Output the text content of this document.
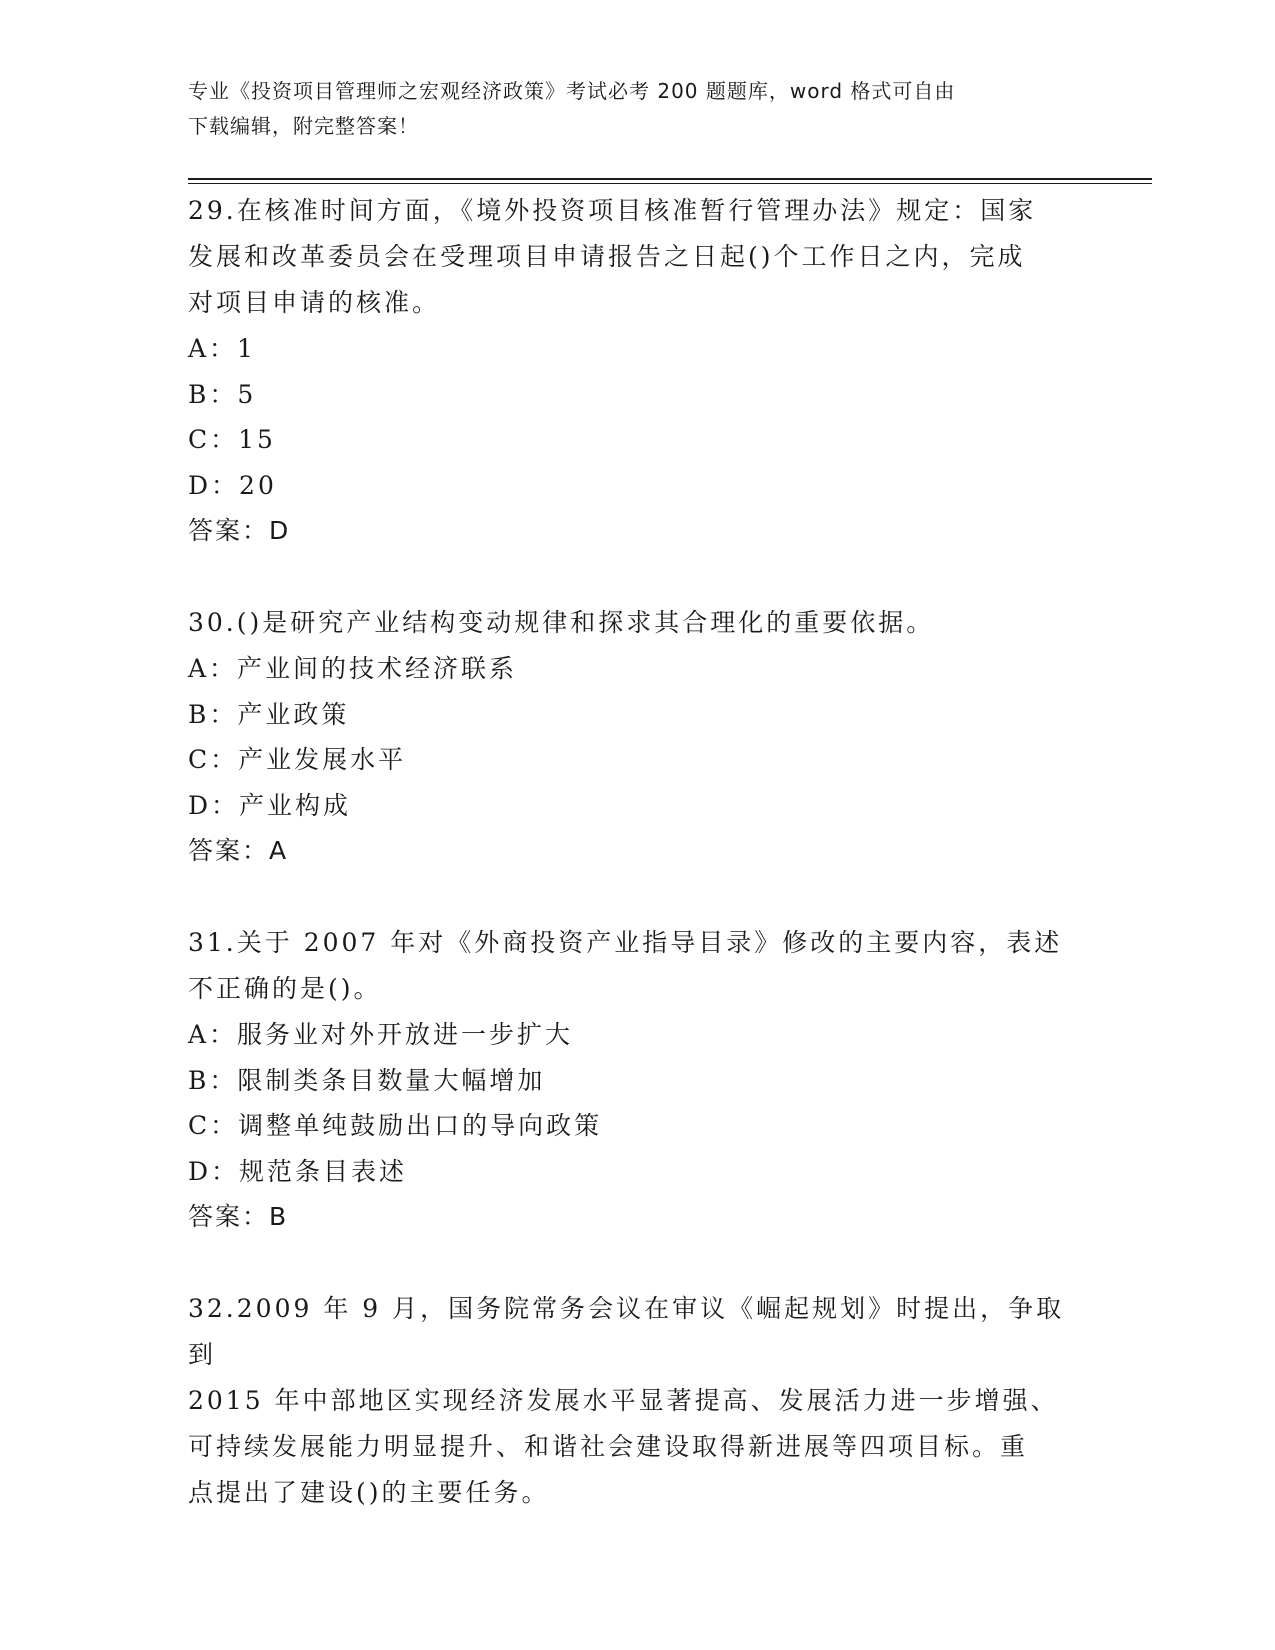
专业《投资项目管理师之宏观经济政策》考试必考 200 题题库，word 格式可自由
下载编辑，附完整答案！

29.在核准时间方面，《境外投资项目核准暂行管理办法》规定：国家

发展和改革委员会在受理项目申请报告之日起()个工作日之内，完成

对项目申请的核准。

A：1

B：5

C：15

D：20

答案：D

30.()是研究产业结构变动规律和探求其合理化的重要依据。

A：产业间的技术经济联系

B：产业政策

C：产业发展水平

D：产业构成

答案：A

31.关于 2007 年对《外商投资产业指导目录》修改的主要内容，表述

不正确的是()。

A：服务业对外开放进一步扩大

B：限制类条目数量大幅增加

C：调整单纯鼓励出口的导向政策

D：规范条目表述

答案：B

32.2009 年 9 月，国务院常务会议在审议《崛起规划》时提出，争取到

2015 年中部地区实现经济发展水平显著提高、发展活力进一步增强、

可持续发展能力明显提升、和谐社会建设取得新进展等四项目标。重

点提出了建设()的主要任务。
